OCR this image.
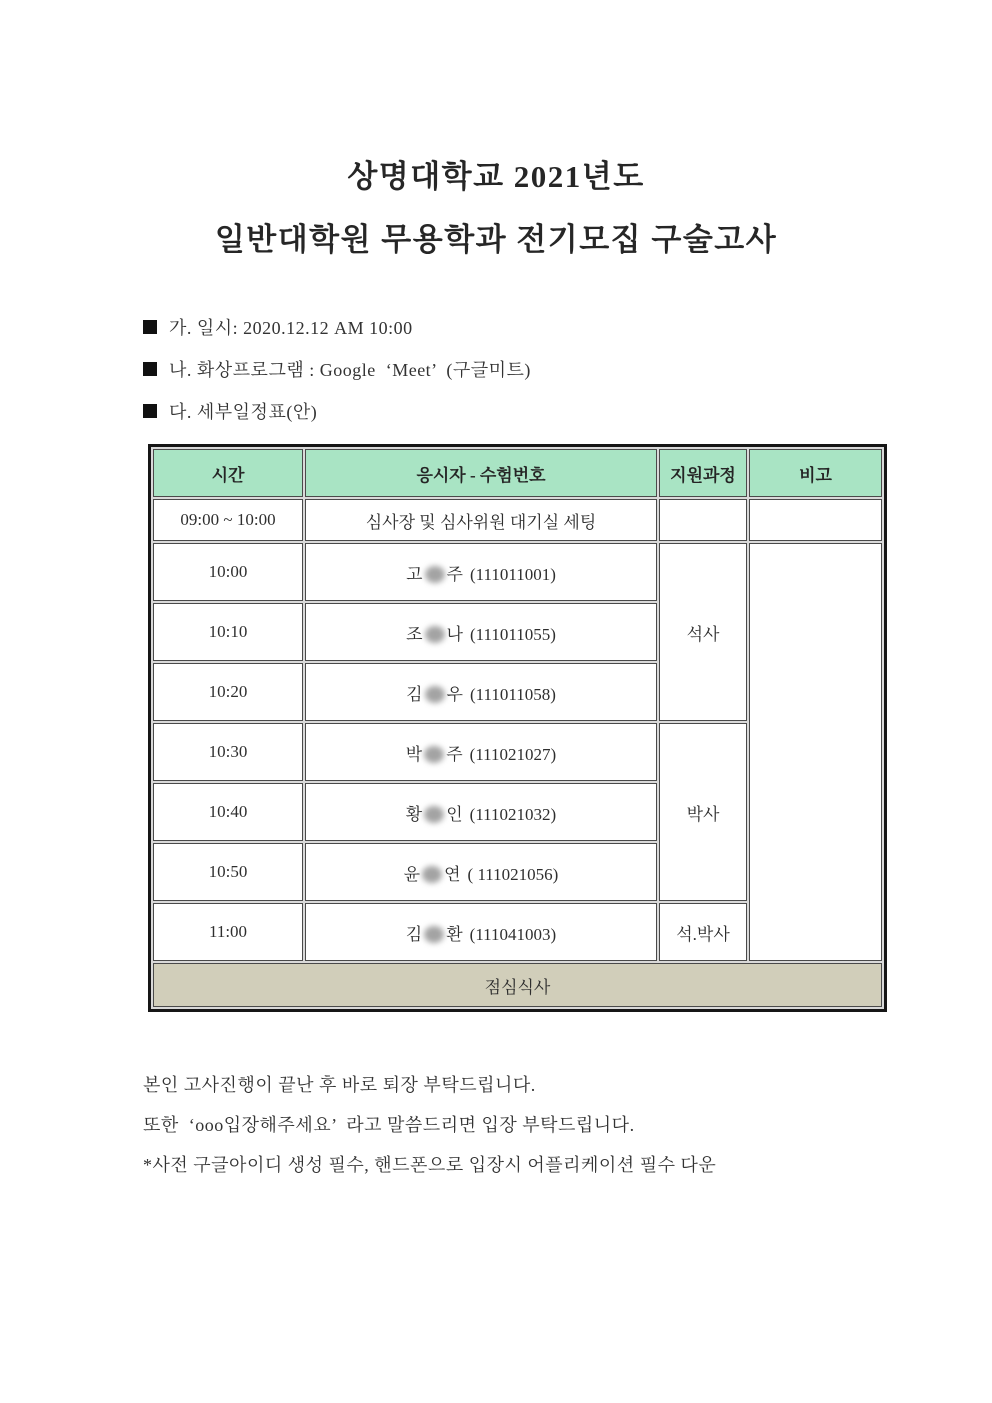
상명대학교 2021년도
일반대학원 무용학과 전기모집 구술고사
가. 일시: 2020.12.12 AM 10:00
나. 화상프로그램 : Google  ‘Meet’  (구글미트)
다. 세부일정표(안)
시간	응시자 - 수험번호	지원과정	비고
09:00 ~ 10:00	심사장 및 심사위원 대기실 세팅		
10:00	고 주 (111011001)	석사	
10:10	조 나 (111011055)		
10:20	김 우 (111011058)		
10:30	박 주 (111021027)	박사	
10:40	황 인 (111021032)		
10:50	윤 연 ( 111021056)		
11:00	김 환 (111041003)	석.박사	
점심식사			
본인 고사진행이 끝난 후 바로 퇴장 부탁드립니다.
또한  ‘ooo입장해주세요’  라고 말씀드리면 입장 부탁드립니다.
*사전 구글아이디 생성 필수, 핸드폰으로 입장시 어플리케이션 필수 다운
